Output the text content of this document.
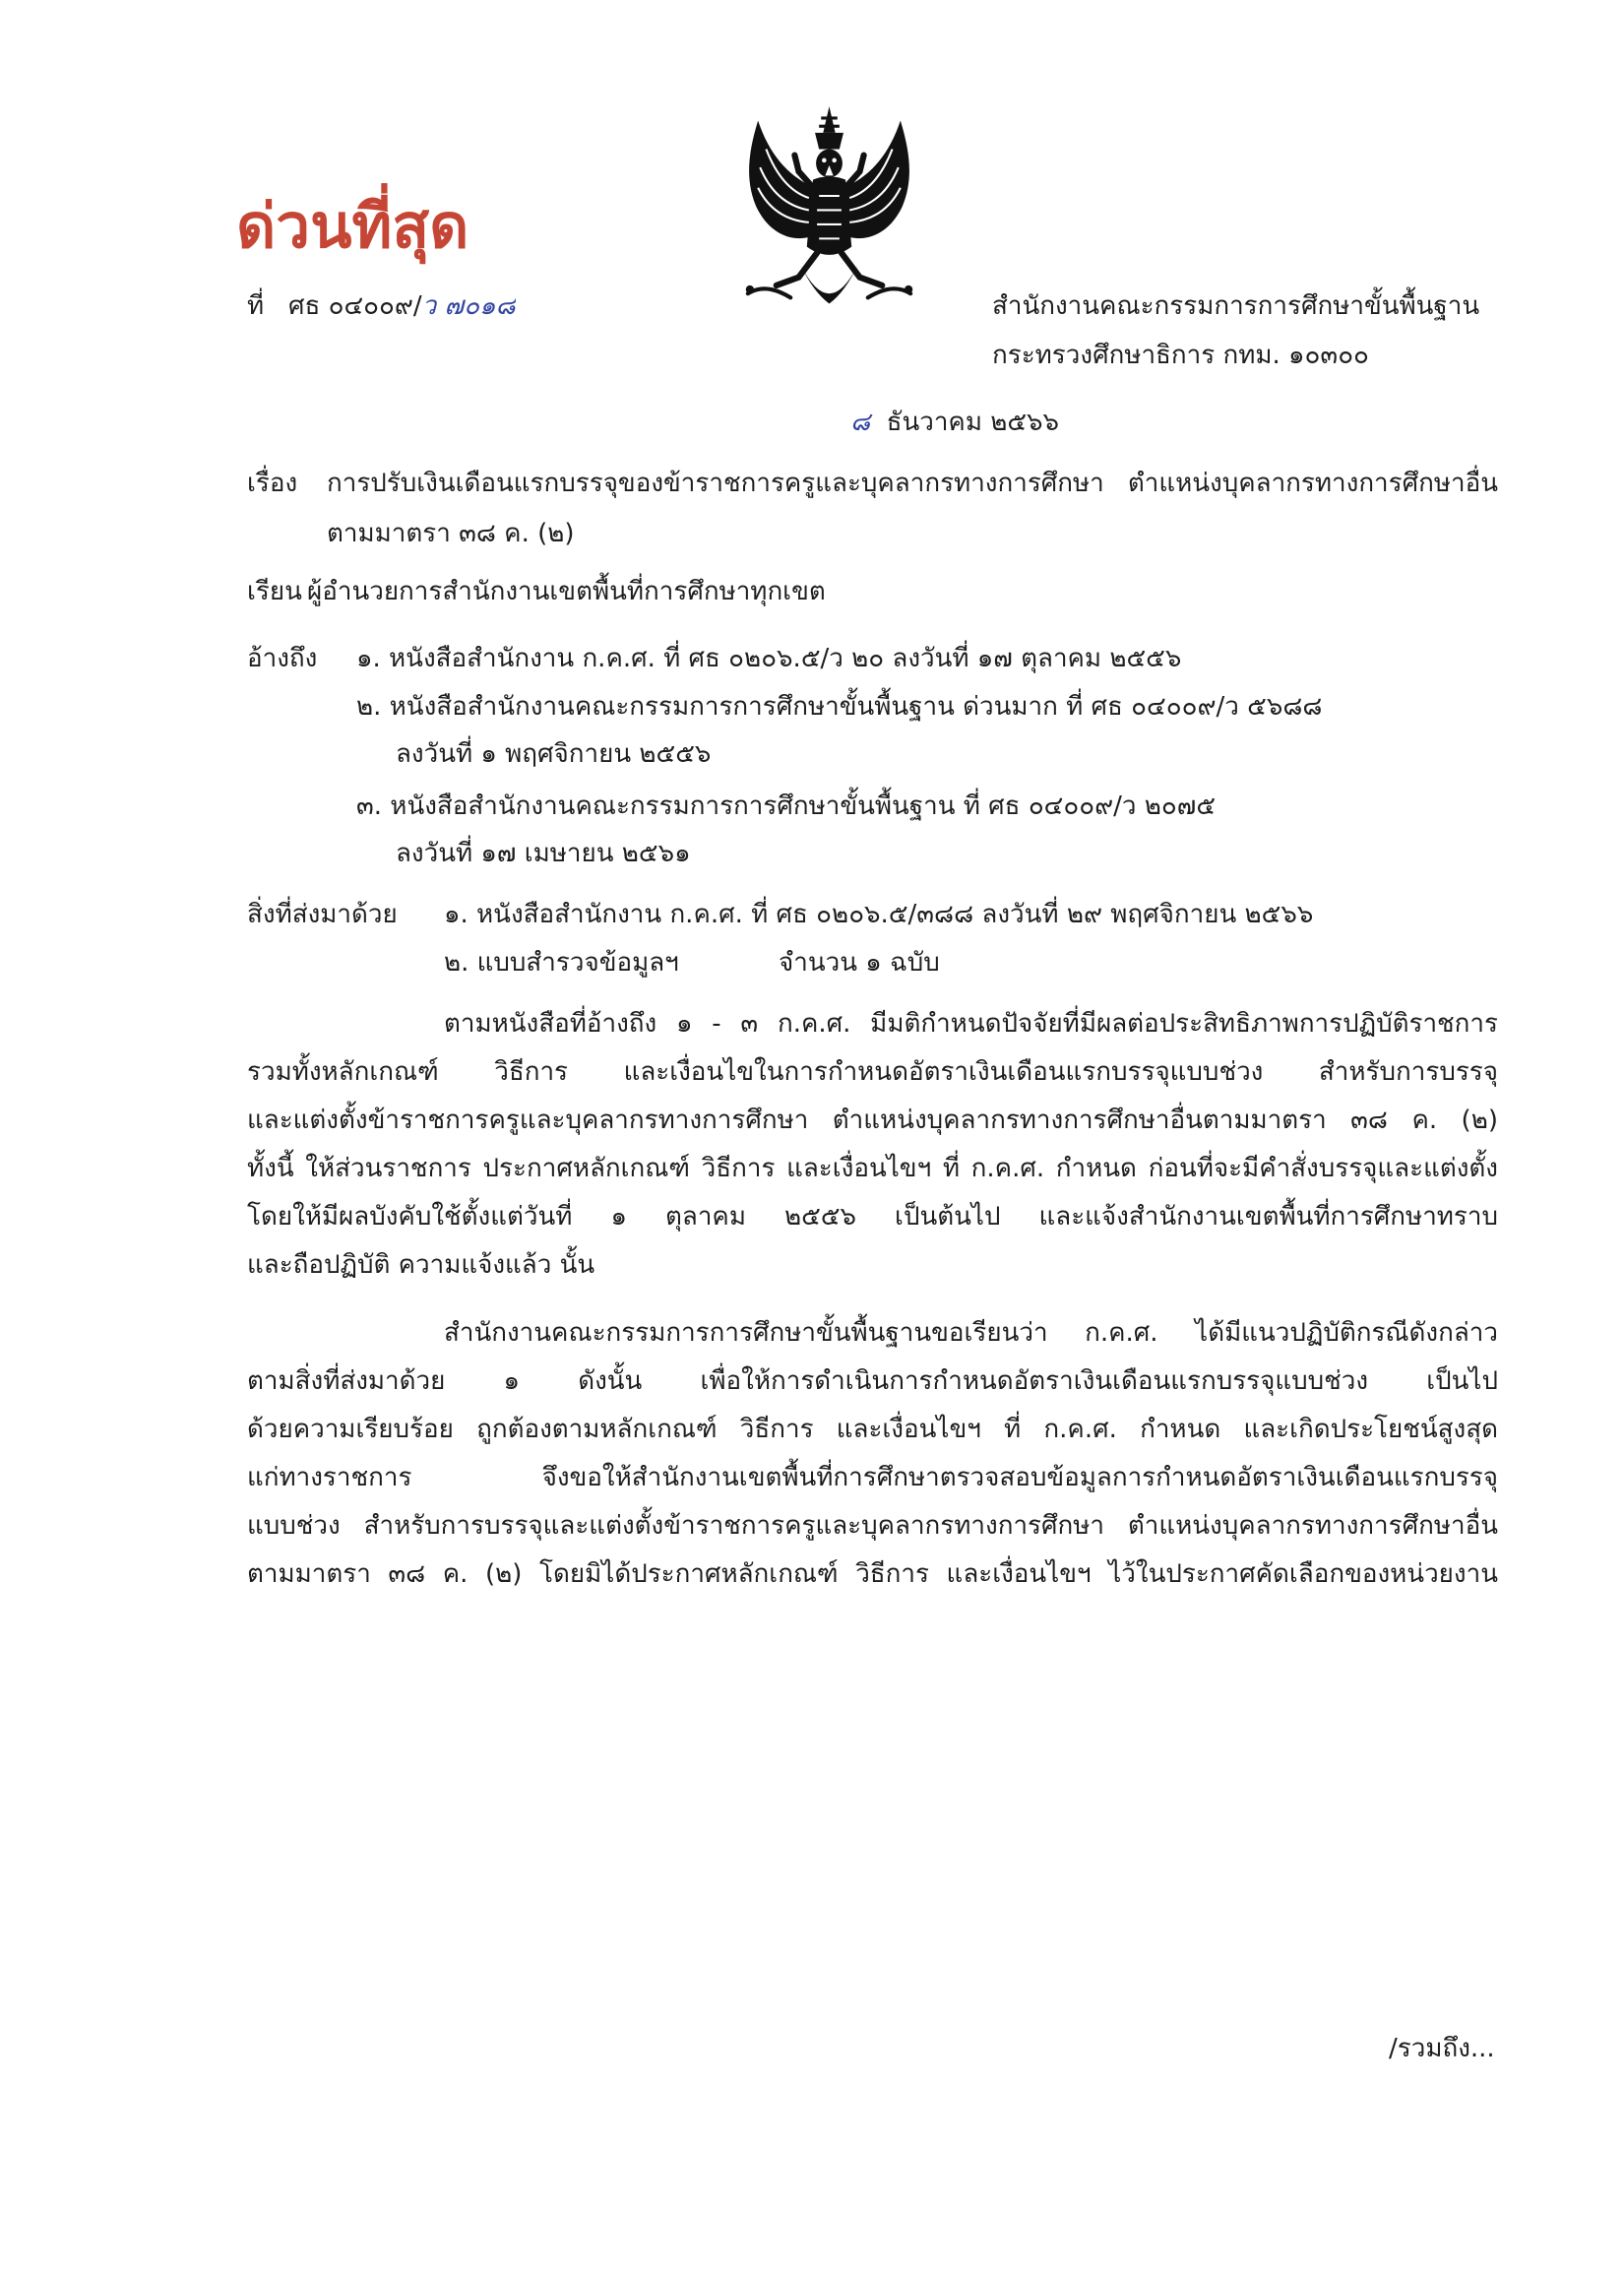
ด่วนที่สุด
ที่ ศธ ๐๔๐๐๙/ว ๗๐๑๘	สำนักงานคณะกรรมการการศึกษาขั้นพื้นฐาน
กระทรวงศึกษาธิการ กทม. ๑๐๓๐๐
๘ ธันวาคม ๒๕๖๖
เรื่อง การปรับเงินเดือนแรกบรรจุของข้าราชการครูและบุคลากรทางการศึกษา ตำแหน่งบุคลากรทางการศึกษาอื่น
ตามมาตรา ๓๘ ค. (๒)
เรียน ผู้อำนวยการสำนักงานเขตพื้นที่การศึกษาทุกเขต
อ้างถึง ๑. หนังสือสำนักงาน ก.ค.ศ. ที่ ศธ ๐๒๐๖.๕/ว ๒๐ ลงวันที่ ๑๗ ตุลาคม ๒๕๕๖
๒. หนังสือสำนักงานคณะกรรมการการศึกษาขั้นพื้นฐาน ด่วนมาก ที่ ศธ ๐๔๐๐๙/ว ๕๖๘๘
ลงวันที่ ๑ พฤศจิกายน ๒๕๕๖
๓. หนังสือสำนักงานคณะกรรมการการศึกษาขั้นพื้นฐาน ที่ ศธ ๐๔๐๐๙/ว ๒๐๗๕
ลงวันที่ ๑๗ เมษายน ๒๕๖๑
สิ่งที่ส่งมาด้วย ๑. หนังสือสำนักงาน ก.ค.ศ. ที่ ศธ ๐๒๐๖.๕/๓๘๘ ลงวันที่ ๒๙ พฤศจิกายน ๒๕๖๖
๒. แบบสำรวจข้อมูลฯ	จำนวน ๑ ฉบับ
ตามหนังสือที่อ้างถึง ๑ - ๓ ก.ค.ศ. มีมติกำหนดปัจจัยที่มีผลต่อประสิทธิภาพการปฏิบัติราชการ
รวมทั้งหลักเกณฑ์ วิธีการ และเงื่อนไขในการกำหนดอัตราเงินเดือนแรกบรรจุแบบช่วง สำหรับการบรรจุ
และแต่งตั้งข้าราชการครูและบุคลากรทางการศึกษา ตำแหน่งบุคลากรทางการศึกษาอื่นตามมาตรา ๓๘ ค. (๒)
ทั้งนี้ ให้ส่วนราชการ ประกาศหลักเกณฑ์ วิธีการ และเงื่อนไขฯ ที่ ก.ค.ศ. กำหนด ก่อนที่จะมีคำสั่งบรรจุและแต่งตั้ง
โดยให้มีผลบังคับใช้ตั้งแต่วันที่ ๑ ตุลาคม ๒๕๕๖ เป็นต้นไป และแจ้งสำนักงานเขตพื้นที่การศึกษาทราบ
และถือปฏิบัติ ความแจ้งแล้ว นั้น
สำนักงานคณะกรรมการการศึกษาขั้นพื้นฐานขอเรียนว่า ก.ค.ศ. ได้มีแนวปฏิบัติกรณีดังกล่าว
ตามสิ่งที่ส่งมาด้วย ๑ ดังนั้น เพื่อให้การดำเนินการกำหนดอัตราเงินเดือนแรกบรรจุแบบช่วง เป็นไป
ด้วยความเรียบร้อย ถูกต้องตามหลักเกณฑ์ วิธีการ และเงื่อนไขฯ ที่ ก.ค.ศ. กำหนด และเกิดประโยชน์สูงสุด
แก่ทางราชการ จึงขอให้สำนักงานเขตพื้นที่การศึกษาตรวจสอบข้อมูลการกำหนดอัตราเงินเดือนแรกบรรจุ
แบบช่วง สำหรับการบรรจุและแต่งตั้งข้าราชการครูและบุคลากรทางการศึกษา ตำแหน่งบุคลากรทางการศึกษาอื่น
ตามมาตรา ๓๘ ค. (๒) โดยมิได้ประกาศหลักเกณฑ์ วิธีการ และเงื่อนไขฯ ไว้ในประกาศคัดเลือกของหน่วยงาน
/รวมถึง...
